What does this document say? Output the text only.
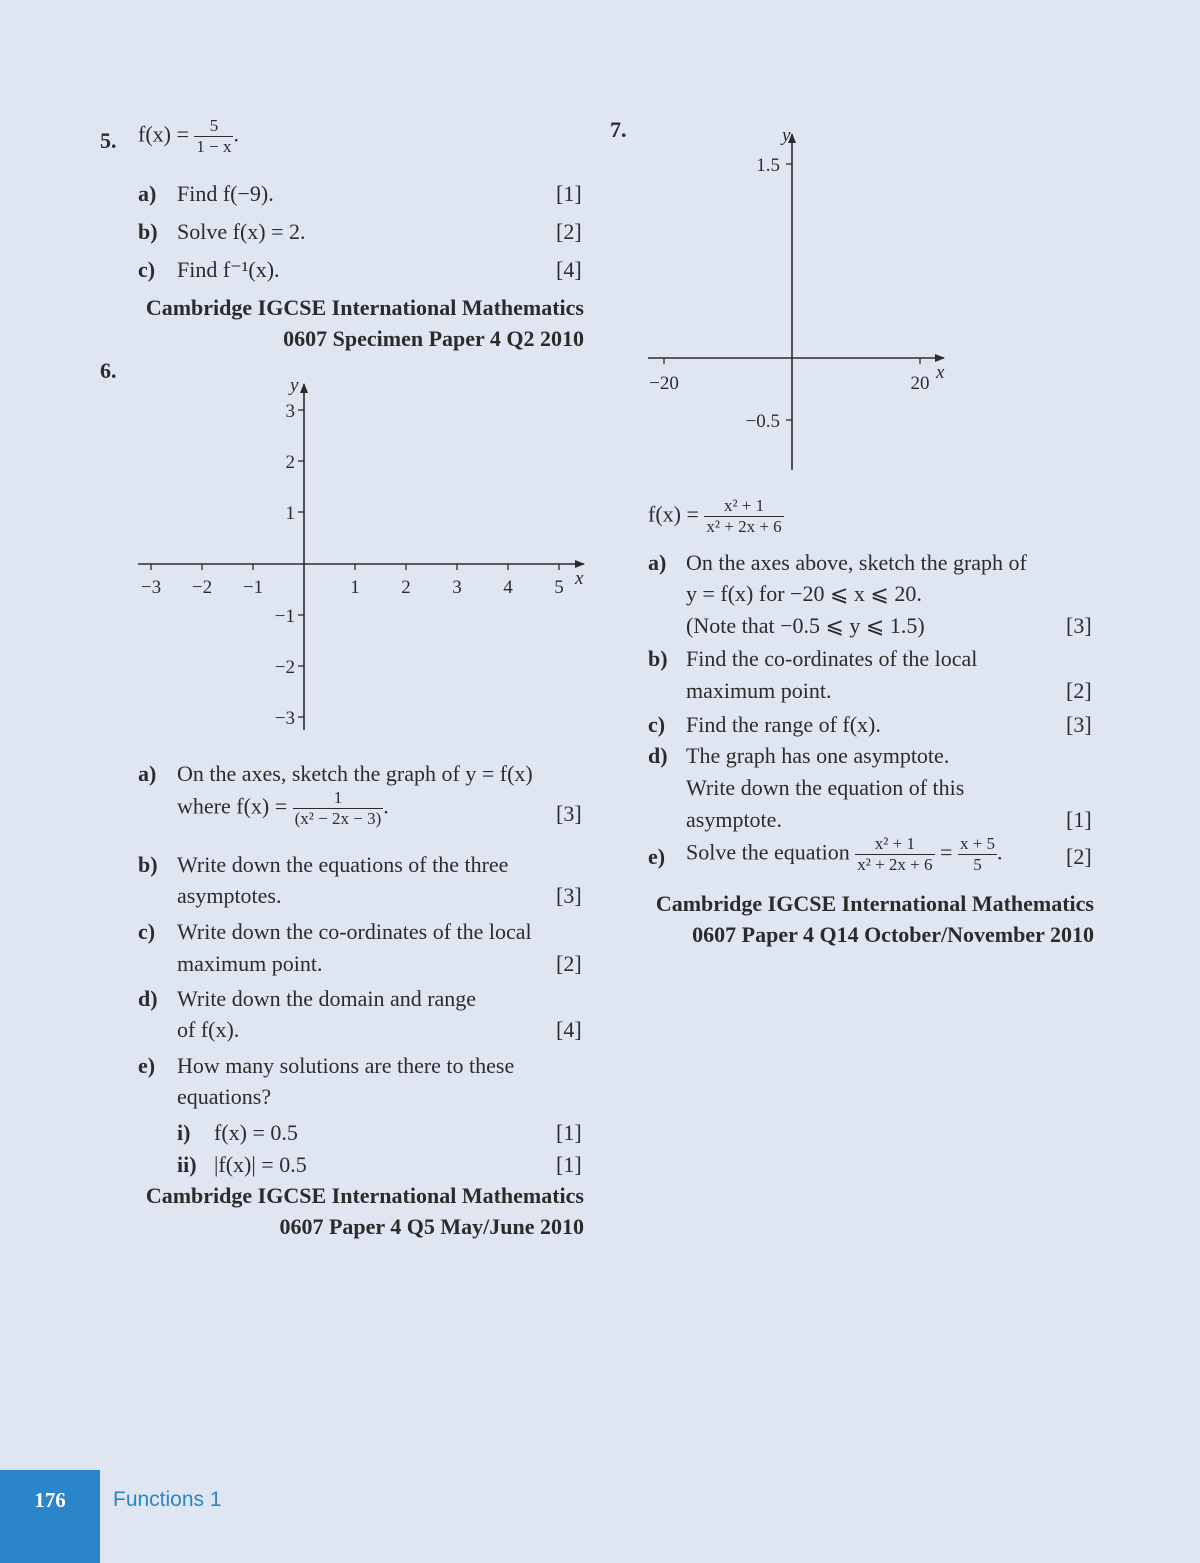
5. $f(x) = \frac{5}{1 - x}$ .
a) Find f(−9).	[1]
b) Solve f(x) = 2.	[2]
c) Find f⁻¹(x).	[4]
Cambridge IGCSE International Mathematics
0607 Specimen Paper 4 Q2 2010
6.
−3 −2 −1	1 2 3 4 5
3
2
1
−1
−2
−3
x
y
a) On the axes, sketch the graph of y = f(x)
where $f(x) = \frac{1}{\text{(x² − 2x − 3)}}$ .	[3]
b) Write down the equations of the three
asymptotes.	[3]
c) Write down the co-ordinates of the local
maximum point.	[2]
d) Write down the domain and range
of f(x).	[4]
e) How many solutions are there to these
equations?
i) f(x) = 0.5	[1]
ii) |f(x)| = 0.5	[1]
Cambridge IGCSE International Mathematics
0607 Paper 4 Q5 May/June 2010
7.
−20	20
1.5
−0.5
x
y
$f(x) = \frac{\text{x² + 1}}{\text{x² + 2x + 6}}$
a) On the axes above, sketch the graph of
y = f(x) for −20 ⩽ x ⩽ 20.
(Note that −0.5 ⩽ y ⩽ 1.5)	[3]
b) Find the co-ordinates of the local
maximum point.	[2]
c) Find the range of f(x).	[3]
d) The graph has one asymptote.
Write down the equation of this
asymptote.	[1]
e) Solve the equation $\frac{\text{x² + 1}}{\text{x² + 2x + 6}} = \frac{x + 5}{5}$ .	[2]
Cambridge IGCSE International Mathematics
0607 Paper 4 Q14 October/November 2010
176	Functions 1
